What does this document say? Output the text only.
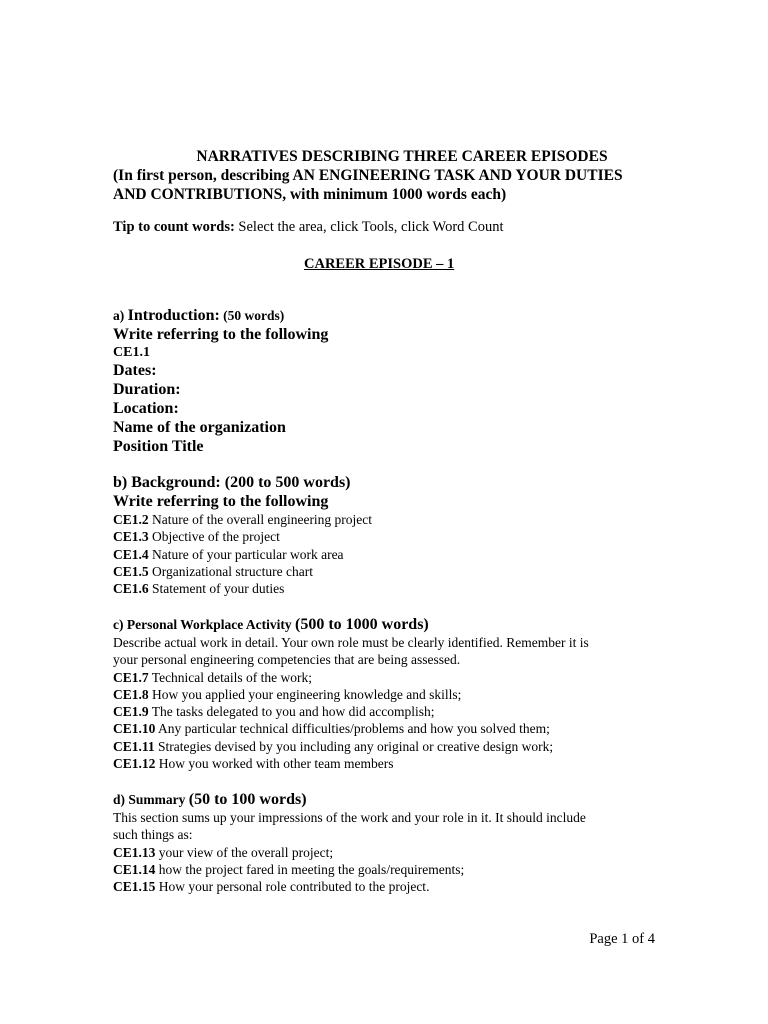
NARRATIVES DESCRIBING THREE CAREER EPISODES
(In first person, describing AN ENGINEERING TASK AND YOUR DUTIES
AND CONTRIBUTIONS, with minimum 1000 words each)
Tip to count words: Select the area, click Tools, click Word Count
CAREER EPISODE – 1
a) Introduction: (50 words)
Write referring to the following
CE1.1
Dates:
Duration:
Location:
Name of the organization
Position Title
b) Background: (200 to 500 words)
Write referring to the following
CE1.2 Nature of the overall engineering project
CE1.3 Objective of the project
CE1.4 Nature of your particular work area
CE1.5 Organizational structure chart
CE1.6 Statement of your duties
c) Personal Workplace Activity (500 to 1000 words)
Describe actual work in detail. Your own role must be clearly identified. Remember it is
your personal engineering competencies that are being assessed.
CE1.7 Technical details of the work;
CE1.8 How you applied your engineering knowledge and skills;
CE1.9 The tasks delegated to you and how did accomplish;
CE1.10 Any particular technical difficulties/problems and how you solved them;
CE1.11 Strategies devised by you including any original or creative design work;
CE1.12 How you worked with other team members
d) Summary (50 to 100 words)
This section sums up your impressions of the work and your role in it. It should include
such things as:
CE1.13 your view of the overall project;
CE1.14 how the project fared in meeting the goals/requirements;
CE1.15 How your personal role contributed to the project.
Page 1 of 4
